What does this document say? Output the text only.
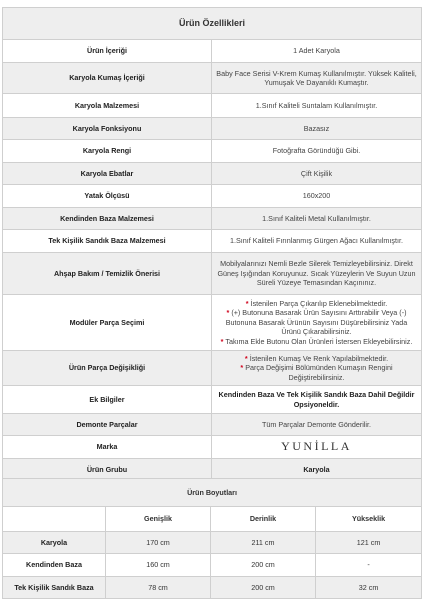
Ürün Özellikleri	
Ürün İçeriği	1 Adet Karyola
Karyola Kumaş İçeriği	Baby Face Serisi V-Krem Kumaş Kullanılmıştır. Yüksek Kaliteli, Yumuşak Ve Dayanıklı Kumaştır.
Karyola Malzemesi	1.Sınıf Kaliteli Suntalam Kullanılmıştır.
Karyola Fonksiyonu	Bazasız
Karyola Rengi	Fotoğrafta Göründüğü Gibi.
Karyola Ebatlar	Çift Kişilik
Yatak Ölçüsü	160x200
Kendinden Baza Malzemesi	1.Sınıf Kaliteli Metal Kullanılmıştır.
Tek Kişilik Sandık Baza Malzemesi	1.Sınıf Kaliteli Fırınlanmış Gürgen Ağacı Kullanılmıştır.
Ahşap Bakım / Temizlik Önerisi	Mobilyalarınızı Nemli Bezle Silerek Temizleyebilirsiniz. Direkt Güneş Işığından Koruyunuz. Sıcak Yüzeylerin Ve Suyun Uzun Süreli Yüzeye Temasından Kaçınınız.
Modüler Parça Seçimi	* İstenilen Parça Çıkarılıp Eklenebilmektedir.
* (+) Butonuna Basarak Ürün Sayısını Arttırabilir Veya (-) Butonuna Basarak Ürünün Sayısını Düşürebilirsiniz Yada Ürünü Çıkarabilirsiniz.
* Takıma Ekle Butonu Olan Ürünleri İstersen Ekleyebilirsiniz.

Ürün Parça Değişikliği	* İstenilen Kumaş Ve Renk Yapılabilmektedir.
* Parça Değişimi Bölümünden Kumaşın Rengini Değiştirebilirsiniz.

Ek Bilgiler	Kendinden Baza Ve Tek Kişilik Sandık Baza Dahil Değildir Opsiyoneldir.
Demonte Parçalar	Tüm Parçalar Demonte Gönderilir.
Marka	YUNİLLA
Ürün Grubu	Karyola
Ürün Boyutları			
	Genişlik	Derinlik	Yükseklik
Karyola	170 cm	211 cm	121 cm
Kendinden Baza	160 cm	200 cm	-
Tek Kişilik Sandık Baza	78 cm	200 cm	32 cm
